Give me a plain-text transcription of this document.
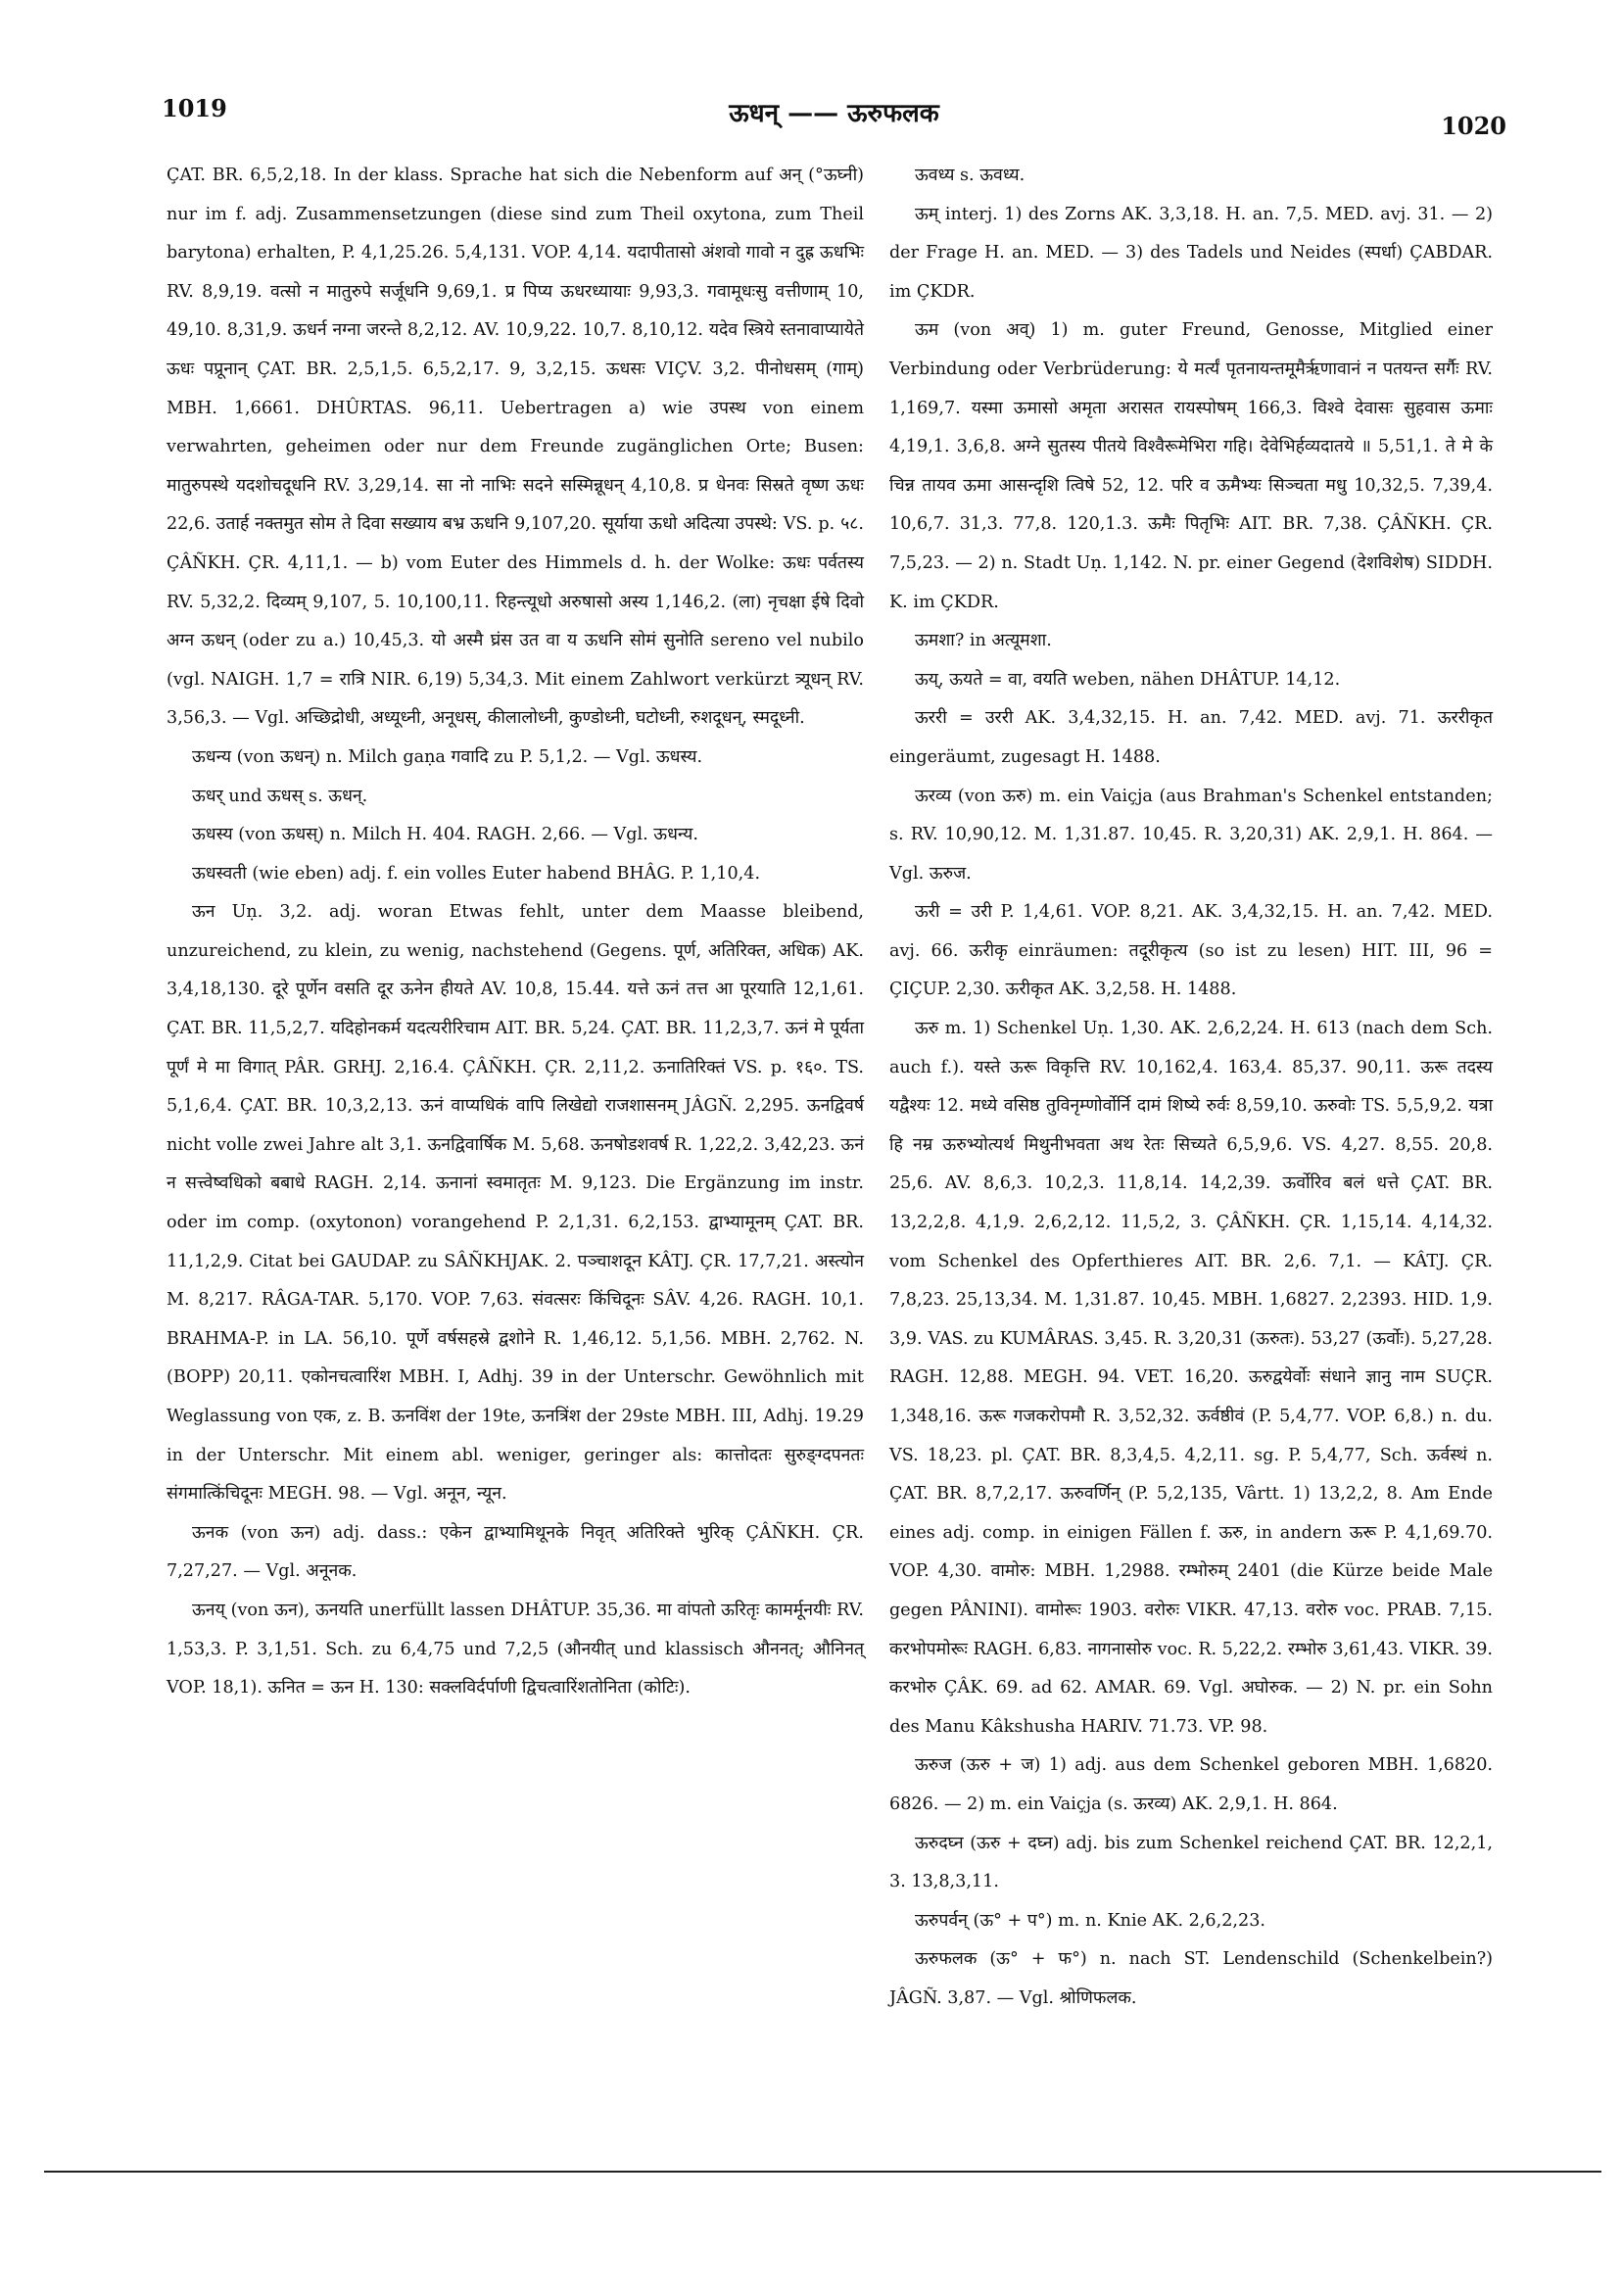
1019	ऊधन् —— ऊरुफलक	1020

ÇAT. BR. 6,5,2,18. In der klass. Sprache hat sich die Nebenform auf अन् (°ऊघ्नी) nur im f. adj. Zusammensetzungen (diese sind zum Theil oxytona, zum Theil barytona) erhalten, P. 4,1,25.26. 5,4,131. VOP. 4,14. यदापीतासो अंशवो गावो न दुह्र ऊधभिः RV. 8,9,19. वत्सो न मातुरुपे सर्जूधनि 9,69,1. प्र पिप्य ऊधरध्यायाः 9,93,3. गवामूधःसु वत्तीणाम् 10, 49,10. 8,31,9. ऊधर्न नग्ना जरन्ते 8,2,12. AV. 10,9,22. 10,7. 8,10,12. यदेव स्त्रिये स्तनावाप्यायेते ऊधः पप्रूनान् ÇAT. BR. 2,5,1,5. 6,5,2,17. 9, 3,2,15. ऊधसः VIÇV. 3,2. पीनोधसम् (गाम्) MBH. 1,6661. DHÛRTAS. 96,11. Uebertragen a) wie उपस्थ von einem verwahrten, geheimen oder nur dem Freunde zugänglichen Orte; Busen: मातुरुपस्थे यदशोचदूधनि RV. 3,29,14. सा नो नाभिः सदने सस्मिन्नूधन् 4,10,8. प्र धेनवः सिस्रते वृष्ण ऊधः 22,6. उतार्ह नक्तमुत सोम ते दिवा सख्याय बभ्र ऊधनि 9,107,20. सूर्याया ऊधो अदित्या उपस्थे: VS. p. ५८. ÇÂÑKH. ÇR. 4,11,1. — b) vom Euter des Himmels d. h. der Wolke: ऊधः पर्वतस्य RV. 5,32,2. दिव्यम् 9,107, 5. 10,100,11. रिहन्त्यूधो अरुषासो अस्य 1,146,2. (ला) नृचक्षा ईषे दिवो अग्न ऊधन् (oder zu a.) 10,45,3. यो अस्मै घ्रंस उत वा य ऊधनि सोमं सुनोति sereno vel nubilo (vgl. NAIGH. 1,7 = रात्रि NIR. 6,19) 5,34,3. Mit einem Zahlwort verkürzt त्र्यूधन् RV. 3,56,3. — Vgl. अच्छिद्रोधी, अध्यूध्नी, अनूधस्, कीलालोध्नी, कुण्डोध्नी, घटोध्नी, रुशदूधन्, स्मदूध्नी.

ऊधन्य (von ऊधन्) n. Milch gaṇa गवादि zu P. 5,1,2. — Vgl. ऊधस्य.

ऊधर् und ऊधस् s. ऊधन्.

ऊधस्य (von ऊधस्) n. Milch H. 404. RAGH. 2,66. — Vgl. ऊधन्य.

ऊधस्वती (wie eben) adj. f. ein volles Euter habend BHÂG. P. 1,10,4.

ऊन Uṇ. 3,2. adj. woran Etwas fehlt, unter dem Maasse bleibend, unzureichend, zu klein, zu wenig, nachstehend (Gegens. पूर्ण, अतिरिक्त, अधिक) AK. 3,4,18,130. दूरे पूर्णेन वसति दूर ऊनेन हीयते AV. 10,8, 15.44. यत्ते ऊनं तत्त आ पूरयाति 12,1,61. ÇAT. BR. 11,5,2,7. यदिहोनकर्म यदत्यरीरिचाम AIT. BR. 5,24. ÇAT. BR. 11,2,3,7. ऊनं मे पूर्यता पूर्णं मे मा विगात् PÂR. GRHJ. 2,16.4. ÇÂÑKH. ÇR. 2,11,2. ऊनातिरिक्तं VS. p. १६०. TS. 5,1,6,4. ÇAT. BR. 10,3,2,13. ऊनं वाप्यधिकं वापि लिखेद्यो राजशासनम् JÂGÑ. 2,295. ऊनद्विवर्ष nicht volle zwei Jahre alt 3,1. ऊनद्विवार्षिक M. 5,68. ऊनषोडशवर्ष R. 1,22,2. 3,42,23. ऊनं न सत्त्वेष्वधिको बबाधे RAGH. 2,14. ऊनानां स्वमातृतः M. 9,123. Die Ergänzung im instr. oder im comp. (oxytonon) vorangehend P. 2,1,31. 6,2,153. द्वाभ्यामूनम् ÇAT. BR. 11,1,2,9. Citat bei GAUDAP. zu SÂÑKHJAK. 2. पञ्चाशदून KÂTJ. ÇR. 17,7,21. अस्त्योन M. 8,217. RÂGA-TAR. 5,170. VOP. 7,63. संवत्सरः किंचिदूनः SÂV. 4,26. RAGH. 10,1. BRAHMA-P. in LA. 56,10. पूर्णे वर्षसहस्रे द्वशोने R. 1,46,12. 5,1,56. MBH. 2,762. N. (BOPP) 20,11. एकोनचत्वारिंश MBH. I, Adhj. 39 in der Unterschr. Gewöhnlich mit Weglassung von एक, z. B. ऊनविंश der 19te, ऊनत्रिंश der 29ste MBH. III, Adhj. 19.29 in der Unterschr. Mit einem abl. weniger, geringer als: कात्तोदतः सुरुङ्ग्दपनतः संगमात्किंचिदूनः MEGH. 98. — Vgl. अनून, न्यून.

ऊनक (von ऊन) adj. dass.: एकेन द्वाभ्यामिथूनके निवृत् अतिरिक्ते भुरिक् ÇÂÑKH. ÇR. 7,27,27. — Vgl. अनूनक.

ऊनय् (von ऊन), ऊनयति unerfüllt lassen DHÂTUP. 35,36. मा वांपतो ऊरितृः कामर्मूनयीः RV. 1,53,3. P. 3,1,51. Sch. zu 6,4,75 und 7,2,5 (औनयीत् und klassisch औननत्; औनिनत् VOP. 18,1). ऊनित = ऊन H. 130: सक्लविर्दर्पाणी द्विचत्वारिंशतोनिता (कोटिः).

ऊवध्य s. ऊवध्य.

ऊम् interj. 1) des Zorns AK. 3,3,18. H. an. 7,5. MED. avj. 31. — 2) der Frage H. an. MED. — 3) des Tadels und Neides (स्पर्धा) ÇABDAR. im ÇKDR.

ऊम (von अव्) 1) m. guter Freund, Genosse, Mitglied einer Verbindung oder Verbrüderung: ये मर्त्यं पृतनायन्तमूमैर्ऋणावानं न पतयन्त सर्गैः RV. 1,169,7. यस्मा ऊमासो अमृता अरासत रायस्पोषम् 166,3. विश्वे देवासः सुहवास ऊमाः 4,19,1. 3,6,8. अग्ने सुतस्य पीतये विश्वैरूमेभिरा गहि। देवेभिर्हव्यदातये ॥ 5,51,1. ते मे के चिन्न तायव ऊमा आसन्दृशि त्विषे 52, 12. परि व ऊमैभ्यः सिञ्चता मधु 10,32,5. 7,39,4. 10,6,7. 31,3. 77,8. 120,1.3. ऊमैः पितृभिः AIT. BR. 7,38. ÇÂÑKH. ÇR. 7,5,23. — 2) n. Stadt Uṇ. 1,142. N. pr. einer Gegend (देशविशेष) SIDDH. K. im ÇKDR.

ऊमशा? in अत्यूमशा.

ऊय्, ऊयते = वा, वयति weben, nähen DHÂTUP. 14,12.

ऊररी = उररी AK. 3,4,32,15. H. an. 7,42. MED. avj. 71. ऊररीकृत eingeräumt, zugesagt H. 1488.

ऊरव्य (von ऊरु) m. ein Vaiçja (aus Brahman's Schenkel entstanden; s. RV. 10,90,12. M. 1,31.87. 10,45. R. 3,20,31) AK. 2,9,1. H. 864. — Vgl. ऊरुज.

ऊरी = उरी P. 1,4,61. VOP. 8,21. AK. 3,4,32,15. H. an. 7,42. MED. avj. 66. ऊरीकृ einräumen: तदूरीकृत्य (so ist zu lesen) HIT. III, 96 = ÇIÇUP. 2,30. ऊरीकृत AK. 3,2,58. H. 1488.

ऊरु m. 1) Schenkel Uṇ. 1,30. AK. 2,6,2,24. H. 613 (nach dem Sch. auch f.). यस्ते ऊरू विकृत्ति RV. 10,162,4. 163,4. 85,37. 90,11. ऊरू तदस्य यद्वैश्यः 12. मध्ये वसिष्ठ तुविनृम्णोर्वोर्नि दामं शिष्ये रुर्वः 8,59,10. ऊरुवोः TS. 5,5,9,2. यत्रा हि नम्र ऊरुभ्योत्यर्थ मिथुनीभवता अथ रेतः सिच्यते 6,5,9,6. VS. 4,27. 8,55. 20,8. 25,6. AV. 8,6,3. 10,2,3. 11,8,14. 14,2,39. ऊर्वोरिव बलं धत्ते ÇAT. BR. 13,2,2,8. 4,1,9. 2,6,2,12. 11,5,2, 3. ÇÂÑKH. ÇR. 1,15,14. 4,14,32. vom Schenkel des Opferthieres AIT. BR. 2,6. 7,1. — KÂTJ. ÇR. 7,8,23. 25,13,34. M. 1,31.87. 10,45. MBH. 1,6827. 2,2393. HID. 1,9. 3,9. VAS. zu KUMÂRAS. 3,45. R. 3,20,31 (ऊरुतः). 53,27 (ऊर्वोः). 5,27,28. RAGH. 12,88. MEGH. 94. VET. 16,20. ऊरुद्वयेर्वोः संधाने ज्ञानु नाम SUÇR. 1,348,16. ऊरू गजकरोपमौ R. 3,52,32. ऊर्वष्ठीवं (P. 5,4,77. VOP. 6,8.) n. du. VS. 18,23. pl. ÇAT. BR. 8,3,4,5. 4,2,11. sg. P. 5,4,77, Sch. ऊर्वस्थं n. ÇAT. BR. 8,7,2,17. ऊरुवर्णिन् (P. 5,2,135, Vârtt. 1) 13,2,2, 8. Am Ende eines adj. comp. in einigen Fällen f. ऊरु, in andern ऊरू P. 4,1,69.70. VOP. 4,30. वामोरु: MBH. 1,2988. रम्भोरुम् 2401 (die Kürze beide Male gegen PÂNINI). वामोरूः 1903. वरोरुः VIKR. 47,13. वरोरु voc. PRAB. 7,15. करभोपमोरूः RAGH. 6,83. नागनासोरु voc. R. 5,22,2. रम्भोरु 3,61,43. VIKR. 39. करभोरु ÇÂK. 69. ad 62. AMAR. 69. Vgl. अघोरुक. — 2) N. pr. ein Sohn des Manu Kâkshusha HARIV. 71.73. VP. 98.

ऊरुज (ऊरु + ज) 1) adj. aus dem Schenkel geboren MBH. 1,6820. 6826. — 2) m. ein Vaiçja (s. ऊरव्य) AK. 2,9,1. H. 864.

ऊरुदघ्न (ऊरु + दघ्न) adj. bis zum Schenkel reichend ÇAT. BR. 12,2,1, 3. 13,8,3,11.

ऊरुपर्वन् (ऊ° + प°) m. n. Knie AK. 2,6,2,23.

ऊरुफलक (ऊ° + फ°) n. nach ST. Lendenschild (Schenkelbein?) JÂGÑ. 3,87. — Vgl. श्रोणिफलक.
